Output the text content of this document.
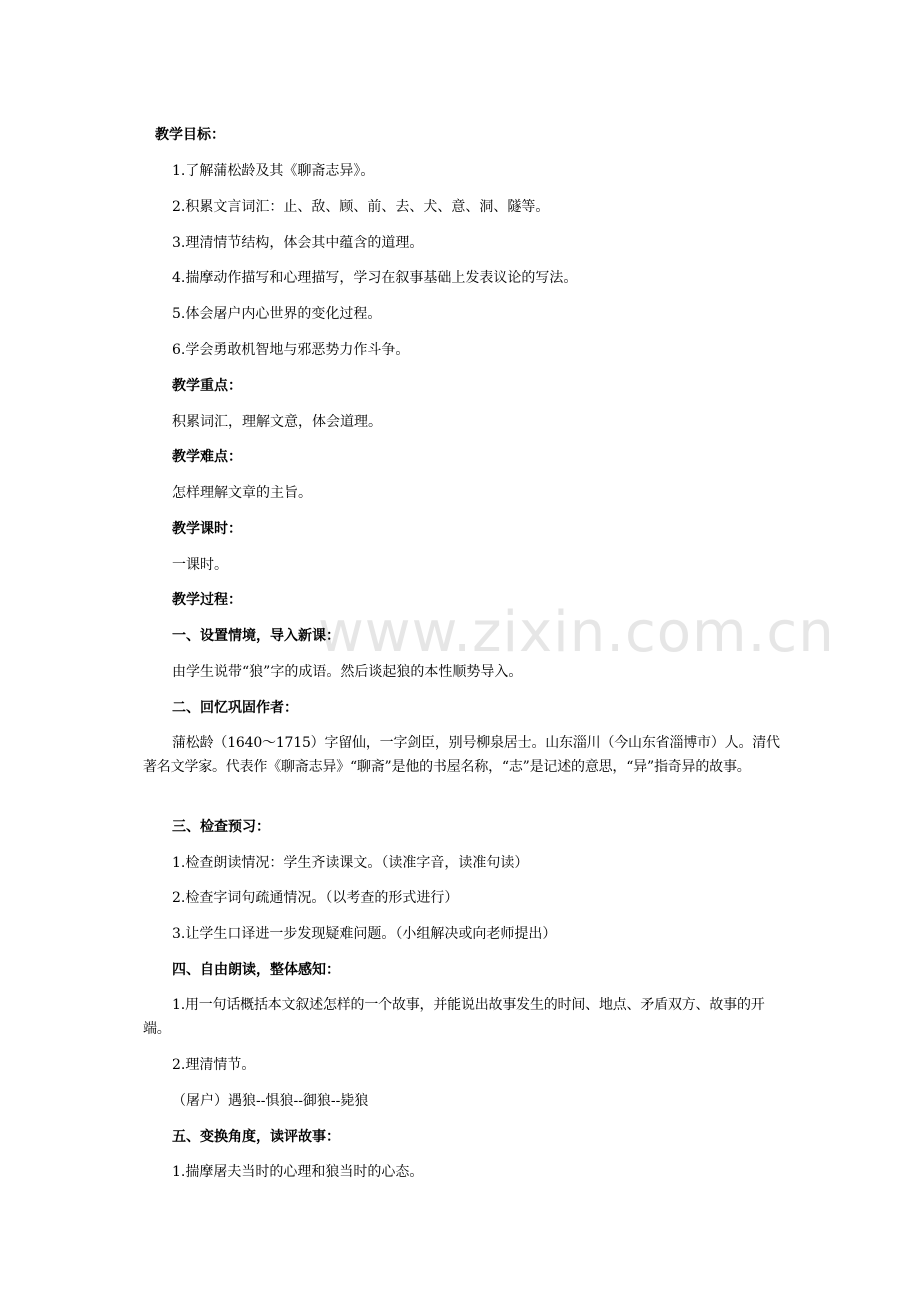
www.zixin.com.cn
教学目标：
1.了解蒲松龄及其《聊斋志异》。
2.积累文言词汇：止、敌、顾、前、去、犬、意、洞、隧等。
3.理清情节结构，体会其中蕴含的道理。
4.揣摩动作描写和心理描写，学习在叙事基础上发表议论的写法。
5.体会屠户内心世界的变化过程。
6.学会勇敢机智地与邪恶势力作斗争。
教学重点：
积累词汇，理解文意，体会道理。
教学难点：
怎样理解文章的主旨。
教学课时：
一课时。
教学过程：
一、设置情境，导入新课：
由学生说带“狼”字的成语。然后谈起狼的本性顺势导入。
二、回忆巩固作者：
蒲松龄（1640～1715）字留仙，一字剑臣，别号柳泉居士。山东淄川（今山东省淄博市）人。清代著名文学家。代表作《聊斋志异》“聊斋”是他的书屋名称，“志”是记述的意思，“异”指奇异的故事。
三、检查预习：
1.检查朗读情况：学生齐读课文。（读准字音，读准句读）
2.检查字词句疏通情况。（以考查的形式进行）
3.让学生口译进一步发现疑难问题。（小组解决或向老师提出）
四、自由朗读，整体感知：
1.用一句话概括本文叙述怎样的一个故事，并能说出故事发生的时间、地点、矛盾双方、故事的开端。
2.理清情节。
（屠户）遇狼--惧狼--御狼--毙狼
五、变换角度，读评故事：
1.揣摩屠夫当时的心理和狼当时的心态。
